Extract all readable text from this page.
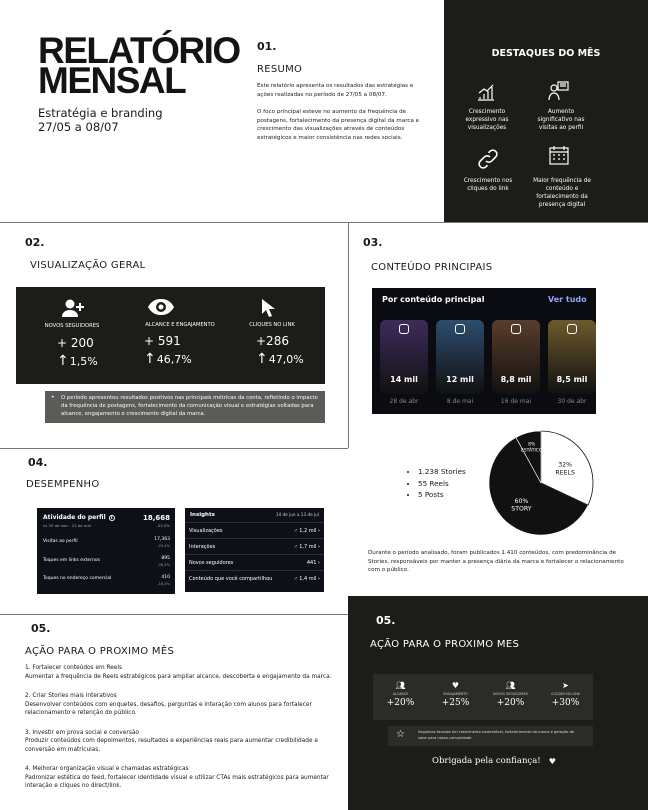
RELATÓRIO
MENSAL
Estratégia e branding
27/05 a 08/07
01.
RESUMO

Este relatório apresenta os resultados das estratégias e ações realizadas no período de 27/05 a 08/07.

O foco principal esteve no aumento da frequência de postagens, fortalecimento da presença digital da marca e crescimento das visualizações através de conteúdos estratégicos e maior consistência nas redes sociais.

DESTAQUES DO MÊS
Crescimento expressivo nas visualizações
Aumento significativo nas visitas ao perfil
Crescimento nos cliques do link
Maior frequência de conteúdo e fortalecimento da presença digital
02.
VISUALIZAÇÃO GERAL
NOVOS SEGUIDORES	ALCANCE E ENGAJAMENTO	CLIQUES NO LINK
+ 200	+ 591	+286
↑ 1,5%	↑ 46,7%	↑ 47,0%
• O período apresentou resultados positivos nas principais métricas da conta, refletindo o impacto da frequência de postagens, fortalecimento da comunicação visual e estratégias voltadas para alcance, engajamento e crescimento digital da marca.
03.
CONTEÚDO PRINCIPAIS
Por conteúdo principal	Ver tudo
14 mil
28 de abr
12 mil
8 de mai
8,8 mil
16 de mai
8,5 mil
30 de abr
• 1.238 Stories
• 55 Reels
• 5 Posts
60%
STORY
32%
REELS
8%
ESTÁTICO
Durante o período analisado, foram publicados 1.410 conteúdos, com predominância de Stories, responsáveis por manter a presença diária da marca e fortalecer o relacionamento com o público.
04.
DESEMPENHO
Atividade do perfil	i
vs 30 de mar - 21 de mai
18,668
-22,5%
Visitas ao perfil	17,363
-22,4%
Toques em links externos	895
-26,3%
Toques no endereço comercial	410
-16,5%
Insights	14 de jun a 13 de jul
Visualizações	↗ 1,2 mil ›
Interações	↗ 1,7 mil ›
Novos seguidores	441 ›
Conteúdo que você compartilhou	↗ 1,4 mil ›
05.
AÇÃO PARA O PROXIMO MÊS
1. Fortalecer conteúdos em Reels
Aumentar a frequência de Reels estratégicos para ampliar alcance, descoberta e engajamento da marca.
2. Criar Stories mais interativos
Desenvolver conteúdos com enquetes, desafios, perguntas e interação com alunos para fortalecer relacionamento e retenção do público.
3. Investir em prova social e conversão
Produzir conteúdos com depoimentos, resultados e experiências reais para aumentar credibilidade e conversão em matrículas.
4. Melhorar organização visual e chamadas estratégicas
Padronizar estética do feed, fortalecer identidade visual e utilizar CTAs mais estratégicos para aumentar interação e cliques no direct/link.
05.
AÇÃO PARA O PROXIMO MES
👥︎
ALCANCE
+20%
♥
ENGAJAMENTO
+25%
👥︎
NOVOS SEGUIDORES
+20%
➤
CLIQUES NO LINK
+30%
☆	Seguimos focados em crescimento sustentável, fortalecimento da marca e geração de valor para nossa comunidade.
Obrigada pela confiança! ♥
